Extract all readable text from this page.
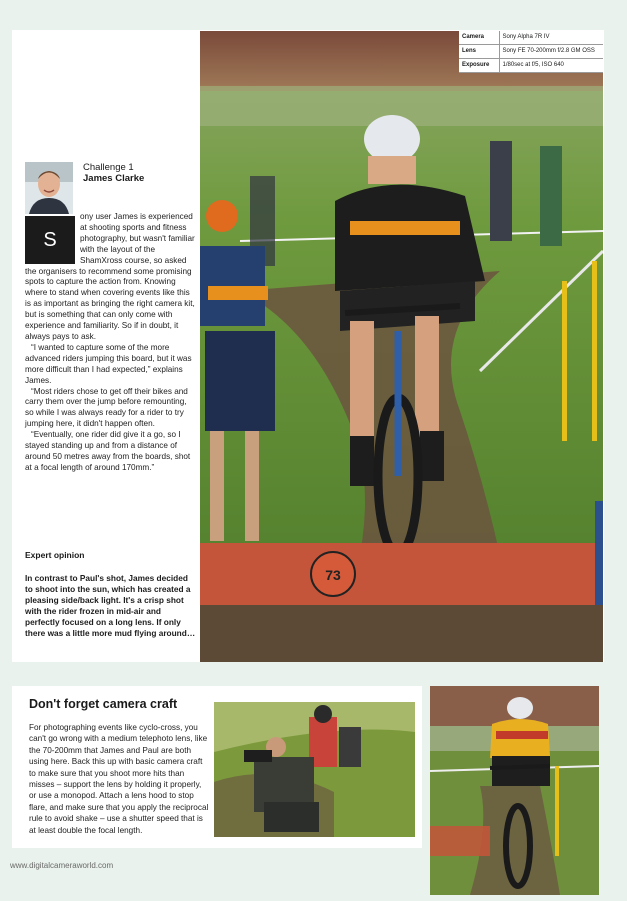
Challenge 1
James Clarke
S

ony user James is experienced at shooting sports and fitness photography, but wasn't familiar with the layout of the ShamXross course, so asked the organisers to recommend some promising spots to capture the action from. Knowing where to stand when covering events like this is as important as bringing the right camera kit, but is something that can only come with experience and familiarity. So if in doubt, it always pays to ask.

“I wanted to capture some of the more advanced riders jumping this board, but it was more difficult than I had expected,” explains James.

“Most riders chose to get off their bikes and carry them over the jump before remounting, so while I was always ready for a rider to try jumping here, it didn't happen often.

“Eventually, one rider did give it a go, so I stayed standing up and from a distance of around 50 metres away from the boards, shot at a focal length of around 170mm.”

Expert opinion
In contrast to Paul's shot, James decided to shoot into the sun, which has created a pleasing side/back light. It's a crisp shot with the rider frozen in mid-air and perfectly focused on a long lens. If only there was a little more mud flying around…
73
Camera	Sony Alpha 7R IV
Lens	Sony FE 70-200mm f/2.8 GM OSS
Exposure	1/80sec at f/5, ISO 640
Don't forget camera craft
For photographing events like cyclo-cross, you can't go wrong with a medium telephoto lens, like the 70-200mm that James and Paul are both using here. Back this up with basic camera craft to make sure that you shoot more hits than misses – support the lens by holding it properly, or use a monopod. Attach a lens hood to stop flare, and make sure that you apply the reciprocal rule to avoid shake – use a shutter speed that is at least double the focal length.
www.digitalcameraworld.com
